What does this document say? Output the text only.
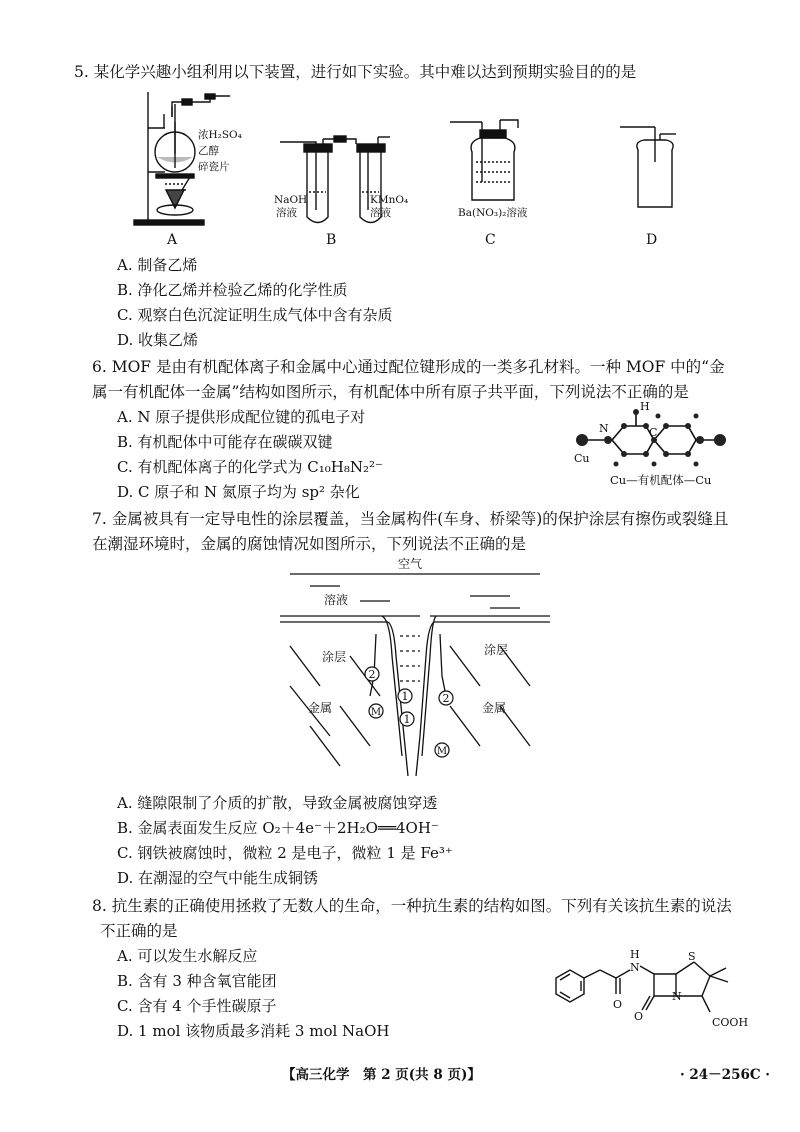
5. 某化学兴趣小组利用以下装置，进行如下实验。其中难以达到预期实验目的的是
浓H₂SO₄
乙醇
碎瓷片
A
NaOH
溶液
KMnO₄
溶液
B
Ba(NO₃)₂溶液
C	D
A. 制备乙烯
B. 净化乙烯并检验乙烯的化学性质
C. 观察白色沉淀证明生成气体中含有杂质
D. 收集乙烯
6. MOF 是由有机配体离子和金属中心通过配位键形成的一类多孔材料。一种 MOF 中的“金
属一有机配体一金属”结构如图所示，有机配体中所有原子共平面，下列说法不正确的是
A. N 原子提供形成配位键的孤电子对
B. 有机配体中可能存在碳碳双键
C. 有机配体离子的化学式为 C₁₀H₈N₂²⁻
D. C 原子和 N 氮原子均为 sp² 杂化
H
N	C
Cu
Cu—有机配体—Cu
7. 金属被具有一定导电性的涂层覆盖，当金属构件(车身、桥梁等)的保护涂层有擦伤或裂缝且
在潮湿环境时，金属的腐蚀情况如图所示，下列说法不正确的是
2
1
1
2
M
M
空气
溶液
涂层	涂层
金属	金属
A. 缝隙限制了介质的扩散，导致金属被腐蚀穿透
B. 金属表面发生反应 O₂＋4e⁻＋2H₂O══4OH⁻
C. 钢铁被腐蚀时，微粒 2 是电子，微粒 1 是 Fe³⁺
D. 在潮湿的空气中能生成铜锈
8. 抗生素的正确使用拯救了无数人的生命，一种抗生素的结构如图。下列有关该抗生素的说法
不正确的是
A. 可以发生水解反应
B. 含有 3 种含氧官能团
C. 含有 4 个手性碳原子
D. 1 mol 该物质最多消耗 3 mol NaOH
H
N
O
O
S
N
COOH
【高三化学　第 2 页(共 8 页)】	· 24－256C ·
